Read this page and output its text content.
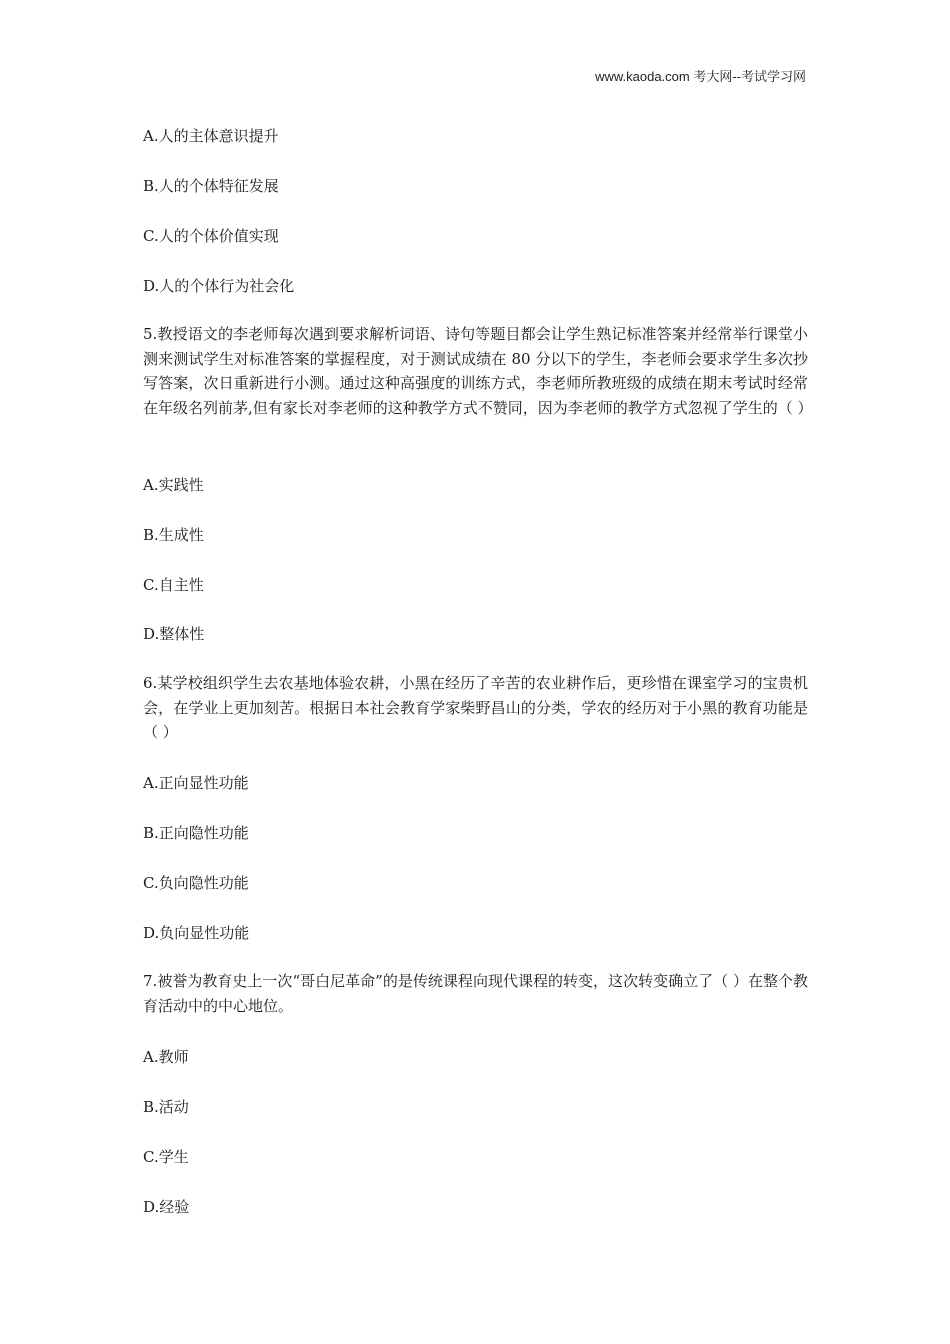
www.kaoda.com 考大网--考试学习网
A.人的主体意识提升
B.人的个体特征发展
C.人的个体价值实现
D.人的个体行为社会化
5.教授语文的李老师每次遇到要求解析词语、诗句等题目都会让学生熟记标准答案并经常举行课堂小测来测试学生对标准答案的掌握程度，对于测试成绩在 80 分以下的学生，李老师会要求学生多次抄写答案，次日重新进行小测。通过这种高强度的训练方式，李老师所教班级的成绩在期末考试时经常在年级名列前茅,但有家长对李老师的这种教学方式不赞同，因为李老师的教学方式忽视了学生的（ ）
A.实践性
B.生成性
C.自主性
D.整体性
6.某学校组织学生去农基地体验农耕，小黑在经历了辛苦的农业耕作后，更珍惜在课室学习的宝贵机会，在学业上更加刻苦。根据日本社会教育学家柴野昌山的分类，学农的经历对于小黑的教育功能是（ ）
A.正向显性功能
B.正向隐性功能
C.负向隐性功能
D.负向显性功能
7.被誉为教育史上一次“哥白尼革命”的是传统课程向现代课程的转变，这次转变确立了（ ）在整个教育活动中的中心地位。
A.教师
B.活动
C.学生
D.经验
